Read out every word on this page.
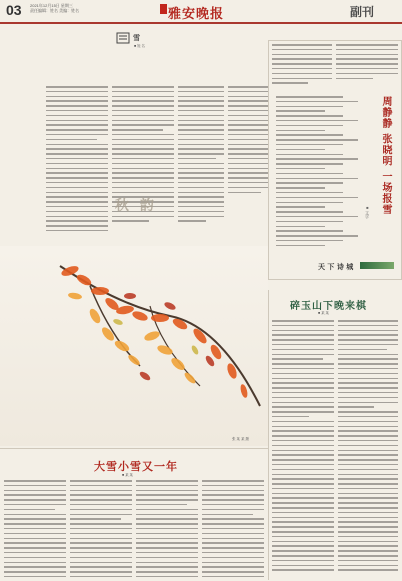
03 2021年12月15日 星期三
责任编辑：姓名 美编：姓名	雅安晚报	副刊
雪
■ 姓 名
冬日红叶别样红
秋 韵
张 某 某 摄
周静静 张晓明 一场报雪
■ 文字
天 下 诗 城
碎玉山下晚来棋
■ 某 某
大雪小雪又一年
■ 某 某
